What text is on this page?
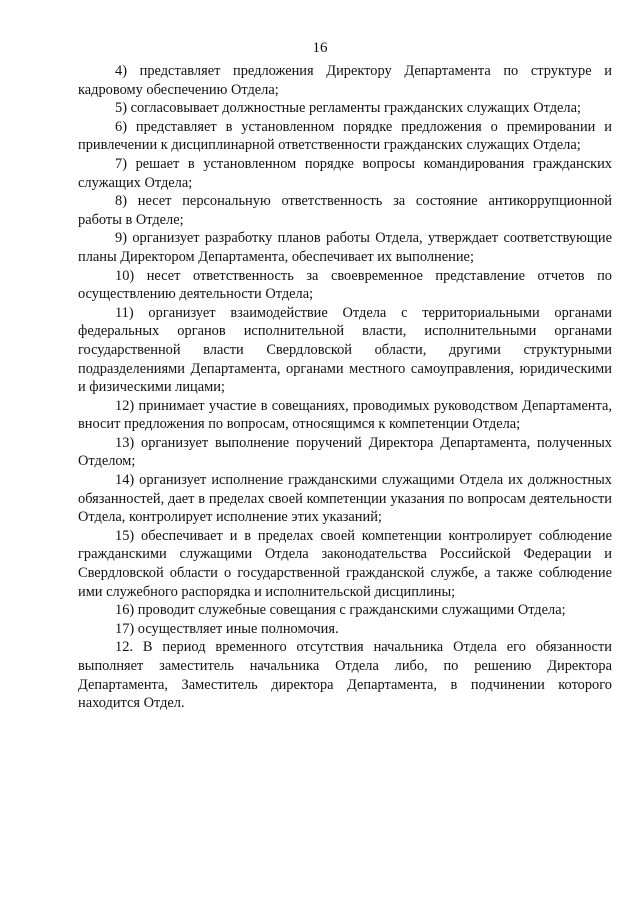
16

4) представляет предложения Директору Департамента по структуре и кадровому обеспечению Отдела;

5) согласовывает должностные регламенты гражданских служащих Отдела;

6) представляет в установленном порядке предложения о премировании и привлечении к дисциплинарной ответственности гражданских служащих Отдела;

7) решает в установленном порядке вопросы командирования гражданских служащих Отдела;

8) несет персональную ответственность за состояние антикоррупционной работы в Отделе;

9) организует разработку планов работы Отдела, утверждает соответствующие планы Директором Департамента, обеспечивает их выполнение;

10) несет ответственность за своевременное представление отчетов по осуществлению деятельности Отдела;

11) организует взаимодействие Отдела с территориальными органами федеральных органов исполнительной власти, исполнительными органами государственной власти Свердловской области, другими структурными подразделениями Департамента, органами местного самоуправления, юридическими и физическими лицами;

12) принимает участие в совещаниях, проводимых руководством Департамента, вносит предложения по вопросам, относящимся к компетенции Отдела;

13) организует выполнение поручений Директора Департамента, полученных Отделом;

14) организует исполнение гражданскими служащими Отдела их должностных обязанностей, дает в пределах своей компетенции указания по вопросам деятельности Отдела, контролирует исполнение этих указаний;

15) обеспечивает и в пределах своей компетенции контролирует соблюдение гражданскими служащими Отдела законодательства Российской Федерации и Свердловской области о государственной гражданской службе, а также соблюдение ими служебного распорядка и исполнительской дисциплины;

16) проводит служебные совещания с гражданскими служащими Отдела;

17) осуществляет иные полномочия.

12. В период временного отсутствия начальника Отдела его обязанности выполняет заместитель начальника Отдела либо, по решению Директора Департамента, Заместитель директора Департамента, в подчинении которого находится Отдел.
